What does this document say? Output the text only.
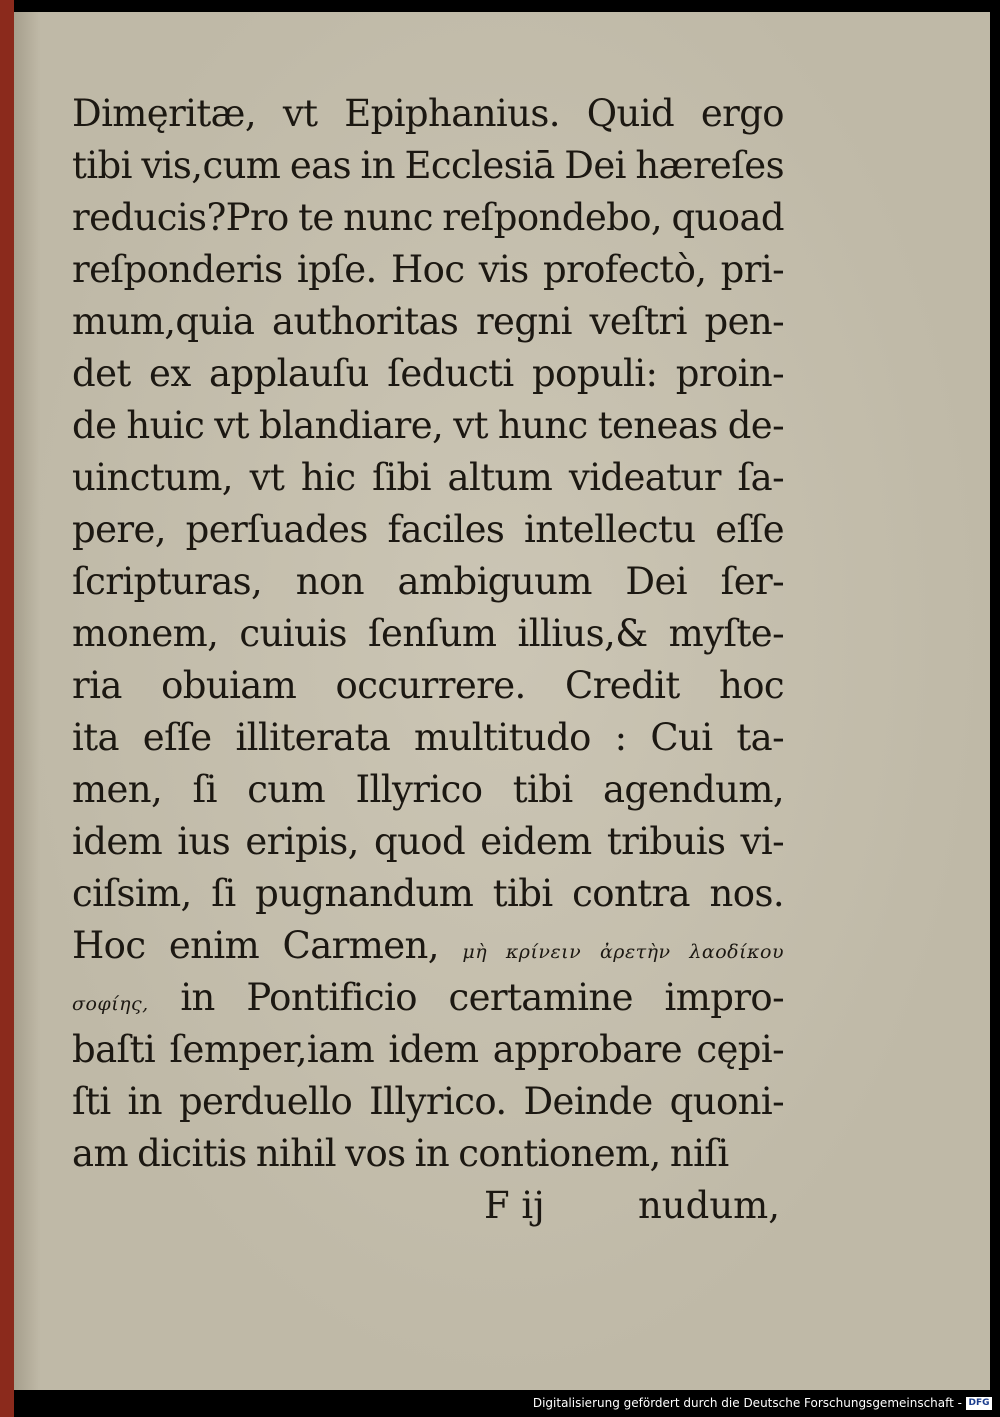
Dimęritæ, vt Epiphanius. Quid ergo
tibi vis,cum eas in Ecclesiā Dei hæreſes
reducis?Pro te nunc reſpondebo, quoad
reſponderis ipſe. Hoc vis profectò, pri-
mum,quia authoritas regni veſtri pen-
det ex applauſu ſeducti populi: proin-
de huic vt blandiare, vt hunc teneas de-
uinctum, vt hic ſibi altum videatur ſa-
pere, perſuades faciles intellectu eſſe
ſcripturas, non ambiguum Dei ſer-
monem, cuiuis ſenſum illius,& myſte-
ria obuiam occurrere. Credit hoc
ita eſſe illiterata multitudo : Cui ta-
men, ſi cum Illyrico tibi agendum,
idem ius eripis, quod eidem tribuis vi-
ciſsim, ſi pugnandum tibi contra nos.
Hoc enim Carmen, μὴ κρίνειν ἀρετὴν λαοδίκου
σοφίης, in Pontificio certamine impro-
baſti ſemper,iam idem approbare cępi-
ſti in perduello Illyrico. Deinde quoni-
am dicitis nihil vos in contionem, niſi
F ij	nudum,
Digitalisierung gefördert durch die Deutsche Forschungsgemeinschaft - DFG
